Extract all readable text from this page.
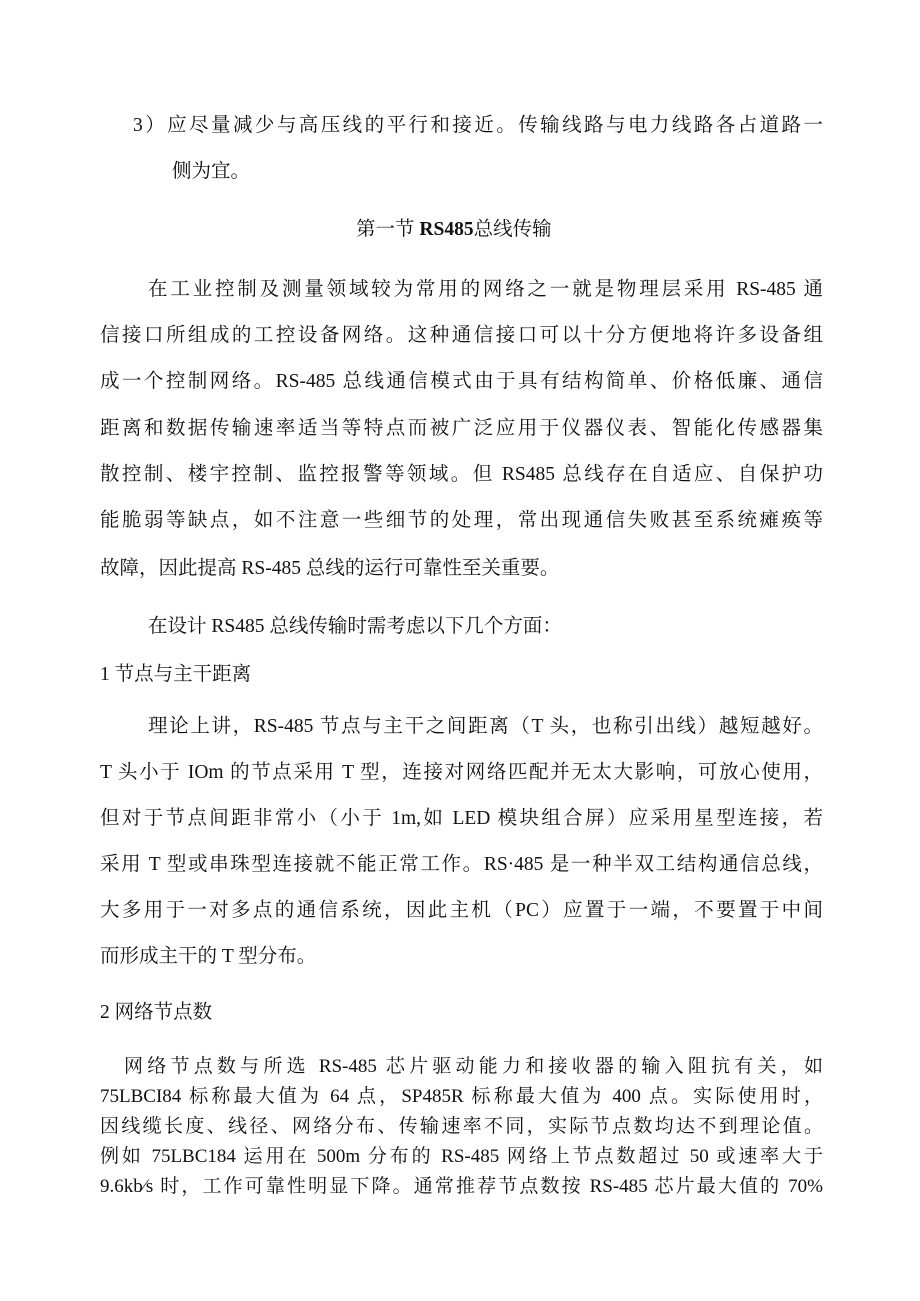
3）应尽量减少与高压线的平行和接近。传输线路与电力线路各占道路一
侧为宜。
第一节 RS485总线传输
在工业控制及测量领域较为常用的网络之一就是物理层采用 RS-485 通
信接口所组成的工控设备网络。这种通信接口可以十分方便地将许多设备组
成一个控制网络。RS-485 总线通信模式由于具有结构简单、价格低廉、通信
距离和数据传输速率适当等特点而被广泛应用于仪器仪表、智能化传感器集
散控制、楼宇控制、监控报警等领域。但 RS485 总线存在自适应、自保护功
能脆弱等缺点，如不注意一些细节的处理，常出现通信失败甚至系统瘫痪等
故障，因此提高 RS-485 总线的运行可靠性至关重要。
在设计 RS485 总线传输时需考虑以下几个方面：
1 节点与主干距离
理论上讲，RS-485 节点与主干之间距离（T 头，也称引出线）越短越好。
T 头小于 IOm 的节点采用 T 型，连接对网络匹配并无太大影响，可放心使用，
但对于节点间距非常小（小于 1m,如 LED 模块组合屏）应采用星型连接，若
采用 T 型或串珠型连接就不能正常工作。RS·485 是一种半双工结构通信总线，
大多用于一对多点的通信系统，因此主机（PC）应置于一端，不要置于中间
而形成主干的 T 型分布。
2 网络节点数
网络节点数与所选 RS-485 芯片驱动能力和接收器的输入阻抗有关，如
75LBCI84 标称最大值为 64 点，SP485R 标称最大值为 400 点。实际使用时，
因线缆长度、线径、网络分布、传输速率不同，实际节点数均达不到理论值。
例如 75LBC184 运用在 500m 分布的 RS-485 网络上节点数超过 50 或速率大于
9.6kb⁄s 时，工作可靠性明显下降。通常推荐节点数按 RS-485 芯片最大值的 70%
